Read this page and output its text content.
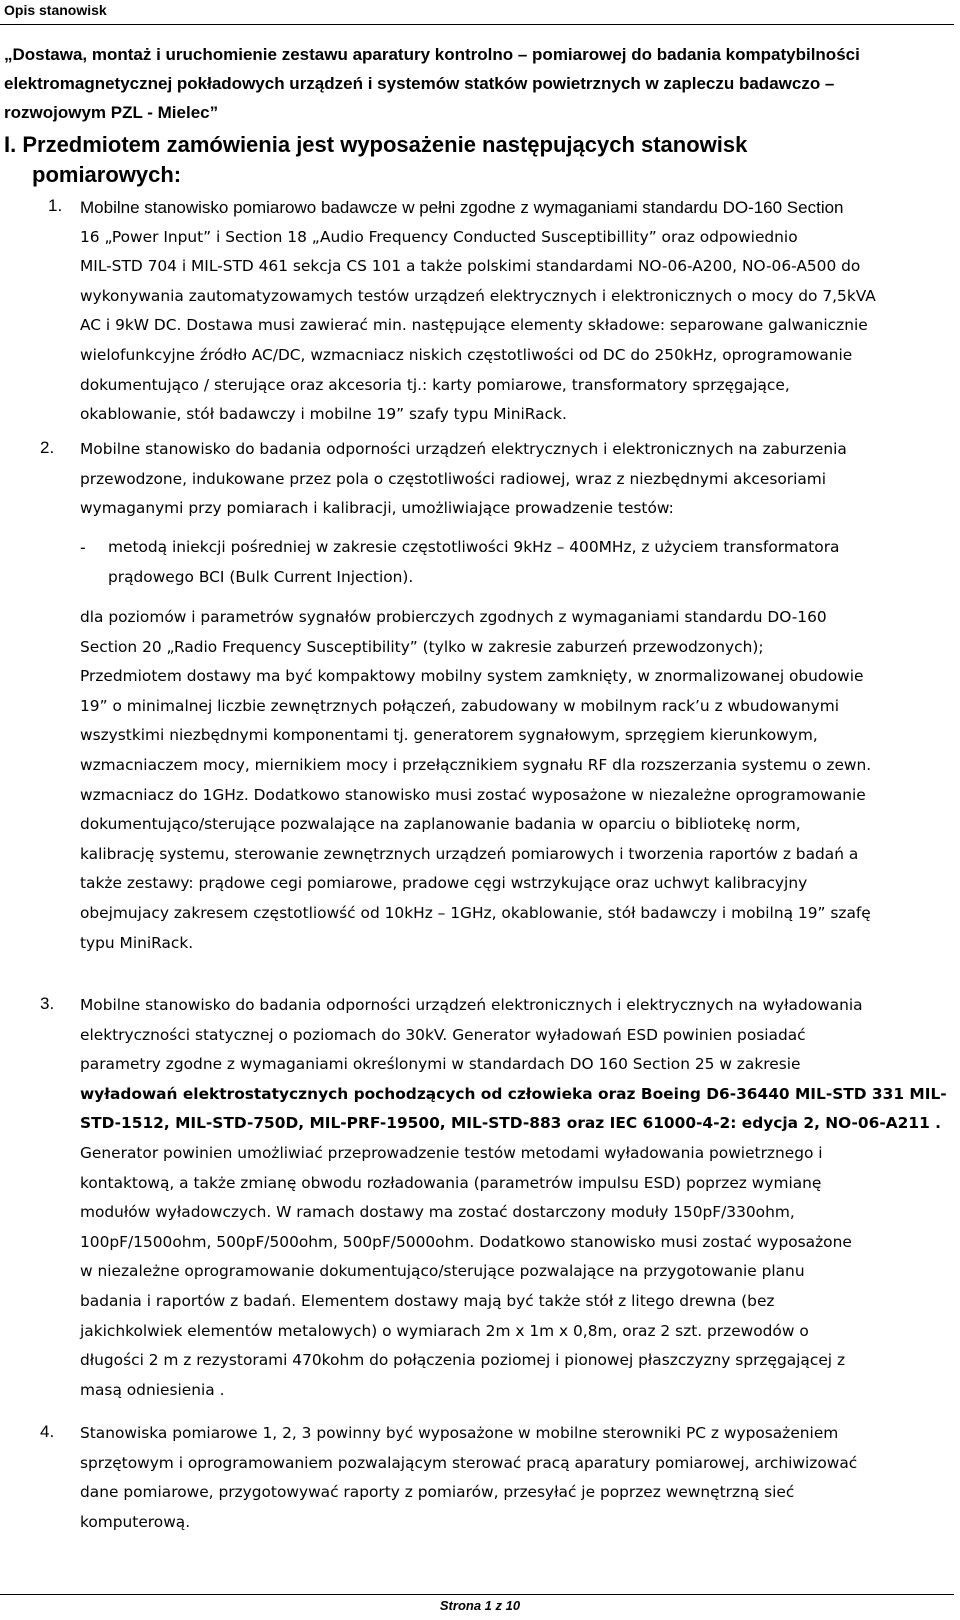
Opis stanowisk
„Dostawa, montaż i uruchomienie zestawu aparatury kontrolno – pomiarowej do badania kompatybilności
elektromagnetycznej pokładowych urządzeń i systemów statków powietrznych w zapleczu badawczo –
rozwojowym PZL - Mielec”
I. Przedmiotem zamówienia jest wyposażenie następujących stanowisk
pomiarowych:
1. Mobilne stanowisko pomiarowo badawcze w pełni zgodne z wymaganiami standardu DO-160 Section
16 „Power Input” i Section 18 „Audio Frequency Conducted Susceptibillity” oraz odpowiednio
MIL-STD 704 i MIL-STD 461 sekcja CS 101 a także polskimi standardami NO-06-A200, NO-06-A500 do
wykonywania zautomatyzowamych testów urządzeń elektrycznych i elektronicznych o mocy do 7,5kVA
AC i 9kW DC. Dostawa musi zawierać min. następujące elementy składowe: separowane galwanicznie
wielofunkcyjne źródło AC/DC, wzmacniacz niskich częstotliwości od DC do 250kHz, oprogramowanie
dokumentująco / sterujące oraz akcesoria tj.: karty pomiarowe, transformatory sprzęgające,
okablowanie, stół badawczy i mobilne 19” szafy typu MiniRack.
2. Mobilne stanowisko do badania odporności urządzeń elektrycznych i elektronicznych na zaburzenia
przewodzone, indukowane przez pola o częstotliwości radiowej, wraz z niezbędnymi akcesoriami
wymaganymi przy pomiarach i kalibracji, umożliwiające prowadzenie testów:
- metodą iniekcji pośredniej w zakresie częstotliwości 9kHz – 400MHz, z użyciem transformatora
prądowego BCI (Bulk Current Injection).
dla poziomów i parametrów sygnałów probierczych zgodnych z wymaganiami standardu DO-160
Section 20 „Radio Frequency Susceptibility” (tylko w zakresie zaburzeń przewodzonych);
Przedmiotem dostawy ma być kompaktowy mobilny system zamknięty, w znormalizowanej obudowie
19” o minimalnej liczbie zewnętrznych połączeń, zabudowany w mobilnym rack’u z wbudowanymi
wszystkimi niezbędnymi komponentami tj. generatorem sygnałowym, sprzęgiem kierunkowym,
wzmacniaczem mocy, miernikiem mocy i przełącznikiem sygnału RF dla rozszerzania systemu o zewn.
wzmacniacz do 1GHz. Dodatkowo stanowisko musi zostać wyposażone w niezależne oprogramowanie
dokumentująco/sterujące pozwalające na zaplanowanie badania w oparciu o bibliotekę norm,
kalibrację systemu, sterowanie zewnętrznych urządzeń pomiarowych i tworzenia raportów z badań a
także zestawy: prądowe cegi pomiarowe, pradowe cęgi wstrzykujące oraz uchwyt kalibracyjny
obejmujacy zakresem częstotliowść od 10kHz – 1GHz, okablowanie, stół badawczy i mobilną 19” szafę
typu MiniRack.
3. Mobilne stanowisko do badania odporności urządzeń elektronicznych i elektrycznych na wyładowania
elektryczności statycznej o poziomach do 30kV. Generator wyładowań ESD powinien posiadać
parametry zgodne z wymaganiami określonymi w standardach DO 160 Section 25 w zakresie
wyładowań elektrostatycznych pochodzących od człowieka oraz Boeing D6-36440 MIL-STD 331 MIL-
STD-1512, MIL-STD-750D, MIL-PRF-19500, MIL-STD-883 oraz IEC 61000-4-2: edycja 2, NO-06-A211 .
Generator powinien umożliwiać przeprowadzenie testów metodami wyładowania powietrznego i
kontaktową, a także zmianę obwodu rozładowania (parametrów impulsu ESD) poprzez wymianę
modułów wyładowczych. W ramach dostawy ma zostać dostarczony moduły 150pF/330ohm,
100pF/1500ohm, 500pF/500ohm, 500pF/5000ohm. Dodatkowo stanowisko musi zostać wyposażone
w niezależne oprogramowanie dokumentująco/sterujące pozwalające na przygotowanie planu
badania i raportów z badań. Elementem dostawy mają być także stół z litego drewna (bez
jakichkolwiek elementów metalowych) o wymiarach 2m x 1m x 0,8m, oraz 2 szt. przewodów o
długości 2 m z rezystorami 470kohm do połączenia poziomej i pionowej płaszczyzny sprzęgającej z
masą odniesienia .
4. Stanowiska pomiarowe 1, 2, 3 powinny być wyposażone w mobilne sterowniki PC z wyposażeniem
sprzętowym i oprogramowaniem pozwalającym sterować pracą aparatury pomiarowej, archiwizować
dane pomiarowe, przygotowywać raporty z pomiarów, przesyłać je poprzez wewnętrzną sieć
komputerową.
Strona 1 z 10
